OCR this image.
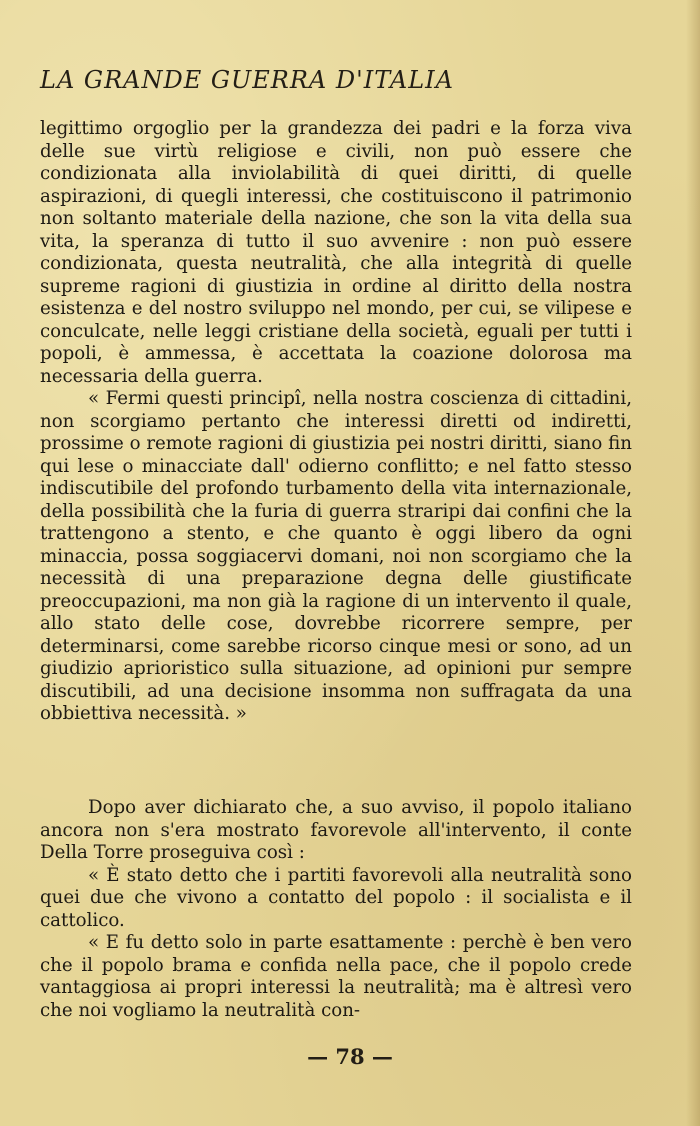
LA GRANDE GUERRA D'ITALIA

legittimo orgoglio per la grandezza dei padri e la forza viva delle sue virtù religiose e civili, non può essere che condizionata alla inviolabilità di quei diritti, di quelle aspirazioni, di quegli interessi, che costituiscono il patrimonio non soltanto materiale della nazione, che son la vita della sua vita, la speranza di tutto il suo avvenire : non può essere condizionata, questa neutralità, che alla integrità di quelle supreme ragioni di giustizia in ordine al diritto della nostra esistenza e del nostro sviluppo nel mondo, per cui, se vilipese e conculcate, nelle leggi cristiane della società, eguali per tutti i popoli, è ammessa, è accettata la coazione dolorosa ma necessaria della guerra.

« Fermi questi principî, nella nostra coscienza di cittadini, non scorgiamo pertanto che interessi diretti od indiretti, prossime o remote ragioni di giustizia pei nostri diritti, siano fin qui lese o minacciate dall' odierno conflitto; e nel fatto stesso indiscutibile del profondo turbamento della vita internazionale, della possibilità che la furia di guerra straripi dai confini che la trattengono a stento, e che quanto è oggi libero da ogni minaccia, possa soggiacervi domani, noi non scorgiamo che la necessità di una preparazione degna delle giustificate preoccupazioni, ma non già la ragione di un intervento il quale, allo stato delle cose, dovrebbe ricorrere sempre, per determinarsi, come sarebbe ricorso cinque mesi or sono, ad un giudizio aprioristico sulla situazione, ad opinioni pur sempre discutibili, ad una decisione insomma non suffragata da una obbiettiva necessità. »

Dopo aver dichiarato che, a suo avviso, il popolo italiano ancora non s'era mostrato favorevole all'intervento, il conte Della Torre proseguiva così :

« È stato detto che i partiti favorevoli alla neutralità sono quei due che vivono a contatto del popolo : il socialista e il cattolico.

« E fu detto solo in parte esattamente : perchè è ben vero che il popolo brama e confida nella pace, che il popolo crede vantaggiosa ai propri interessi la neutralità; ma è altresì vero che noi vogliamo la neutralità con-

— 78 —
